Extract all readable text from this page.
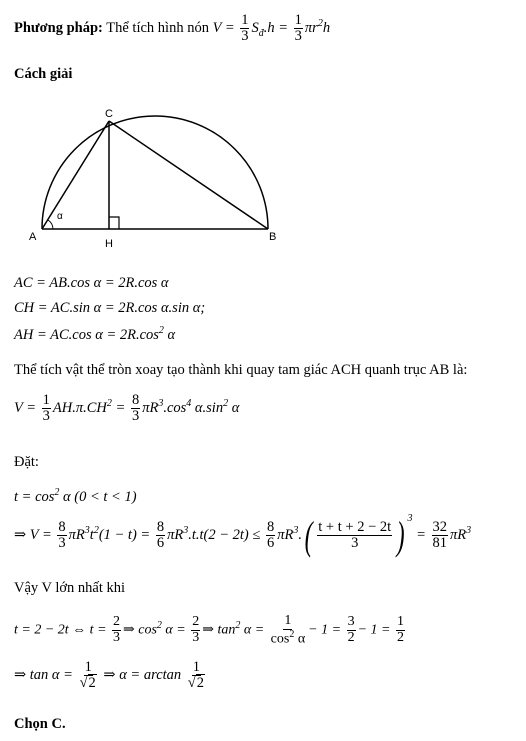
Phương pháp: Thể tích hình nón $V = \frac{1}{3} S_đ.h = \frac{1}{3} \pi r^2h$
Cách giải
C
A
H
B
α
AC = AB.cos α = 2R.cos α
CH = AC.sin α = 2R.cos α.sin α;
AH = AC.cos $\alpha = 2R.\cos^2$ α
Thể tích vật thể tròn xoay tạo thành khi quay tam giác ACH quanh trục AB là:
$V = \frac{1}{3} AH.\pi.CH^2 = \frac{8}{3} \pi R^3.\cos^4$ $\alpha.\sin^2$ α
Đặt:
$t = \cos^2 \alpha$ (0 < t < 1)
⇒ $V = \frac{8}{3} \pi R^3t^2(1 - t) = \frac{8}{6} \pi R^3.t.t(2 - 2t) \le \frac{8}{6} \pi R^3.( \frac{t + t + 2 - 2t}{3}$ ) $^3 = \frac{32}{81} \pi R^3$
Vậy V lớn nhất khi
t = 2 − 2t ⇔ $t = \frac{2}{3}$ ⇒ $\cos^2 \alpha = \frac{2}{3}$ ⇒ $\tan^2 \alpha = \frac{1}{\cos^2 \alpha} - 1 = \frac{3}{2} - 1 = \frac{1}{2}$
⇒ $\tan \alpha = \frac{1}{√2}$ ⇒ $\alpha = \arctan \frac{1}{√2}$
Chọn C.
